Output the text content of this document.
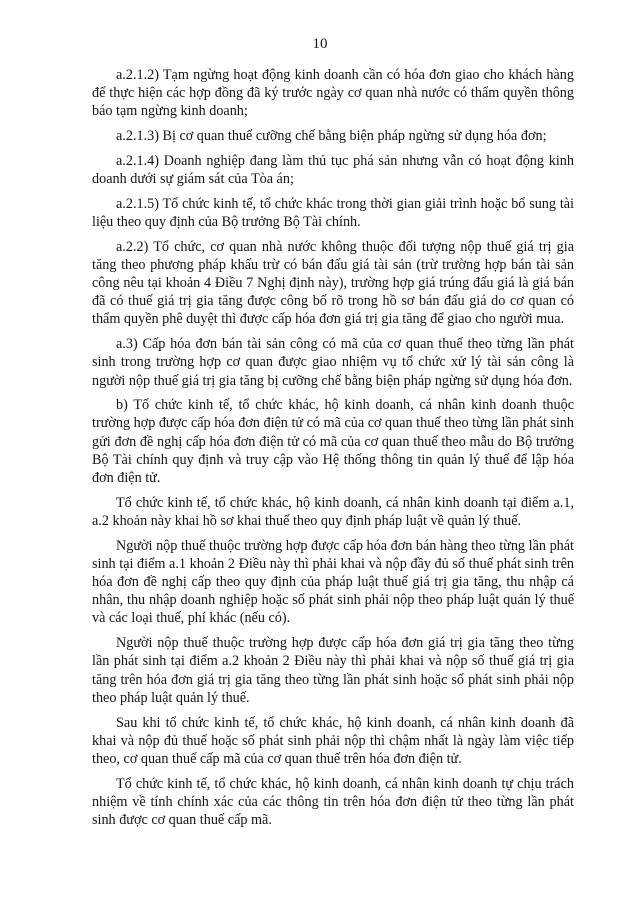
10

a.2.1.2) Tạm ngừng hoạt động kinh doanh cần có hóa đơn giao cho khách hàng để thực hiện các hợp đồng đã ký trước ngày cơ quan nhà nước có thẩm quyền thông báo tạm ngừng kinh doanh;

a.2.1.3) Bị cơ quan thuế cưỡng chế bằng biện pháp ngừng sử dụng hóa đơn;

a.2.1.4) Doanh nghiệp đang làm thủ tục phá sản nhưng vẫn có hoạt động kinh doanh dưới sự giám sát của Tòa án;

a.2.1.5) Tổ chức kinh tế, tổ chức khác trong thời gian giải trình hoặc bổ sung tài liệu theo quy định của Bộ trưởng Bộ Tài chính.

a.2.2) Tổ chức, cơ quan nhà nước không thuộc đối tượng nộp thuế giá trị gia tăng theo phương pháp khấu trừ có bán đấu giá tài sản (trừ trường hợp bán tài sản công nêu tại khoản 4 Điều 7 Nghị định này), trường hợp giá trúng đấu giá là giá bán đã có thuế giá trị gia tăng được công bố rõ trong hồ sơ bán đấu giá do cơ quan có thẩm quyền phê duyệt thì được cấp hóa đơn giá trị gia tăng để giao cho người mua.

a.3) Cấp hóa đơn bán tài sản công có mã của cơ quan thuế theo từng lần phát sinh trong trường hợp cơ quan được giao nhiệm vụ tổ chức xử lý tài sản công là người nộp thuế giá trị gia tăng bị cưỡng chế bằng biện pháp ngừng sử dụng hóa đơn.

b) Tổ chức kinh tế, tổ chức khác, hộ kinh doanh, cá nhân kinh doanh thuộc trường hợp được cấp hóa đơn điện tử có mã của cơ quan thuế theo từng lần phát sinh gửi đơn đề nghị cấp hóa đơn điện tử có mã của cơ quan thuế theo mẫu do Bộ trưởng Bộ Tài chính quy định và truy cập vào Hệ thống thông tin quản lý thuế để lập hóa đơn điện tử.

Tổ chức kinh tế, tổ chức khác, hộ kinh doanh, cá nhân kinh doanh tại điểm a.1, a.2 khoản này khai hồ sơ khai thuế theo quy định pháp luật về quản lý thuế.

Người nộp thuế thuộc trường hợp được cấp hóa đơn bán hàng theo từng lần phát sinh tại điểm a.1 khoản 2 Điều này thì phải khai và nộp đầy đủ số thuế phát sinh trên hóa đơn đề nghị cấp theo quy định của pháp luật thuế giá trị gia tăng, thu nhập cá nhân, thu nhập doanh nghiệp hoặc số phát sinh phải nộp theo pháp luật quản lý thuế và các loại thuế, phí khác (nếu có).

Người nộp thuế thuộc trường hợp được cấp hóa đơn giá trị gia tăng theo từng lần phát sinh tại điểm a.2 khoản 2 Điều này thì phải khai và nộp số thuế giá trị gia tăng trên hóa đơn giá trị gia tăng theo từng lần phát sinh hoặc số phát sinh phải nộp theo pháp luật quản lý thuế.

Sau khi tổ chức kinh tế, tổ chức khác, hộ kinh doanh, cá nhân kinh doanh đã khai và nộp đủ thuế hoặc số phát sinh phải nộp thì chậm nhất là ngày làm việc tiếp theo, cơ quan thuế cấp mã của cơ quan thuế trên hóa đơn điện tử.

Tổ chức kinh tế, tổ chức khác, hộ kinh doanh, cá nhân kinh doanh tự chịu trách nhiệm về tính chính xác của các thông tin trên hóa đơn điện tử theo từng lần phát sinh được cơ quan thuế cấp mã.
